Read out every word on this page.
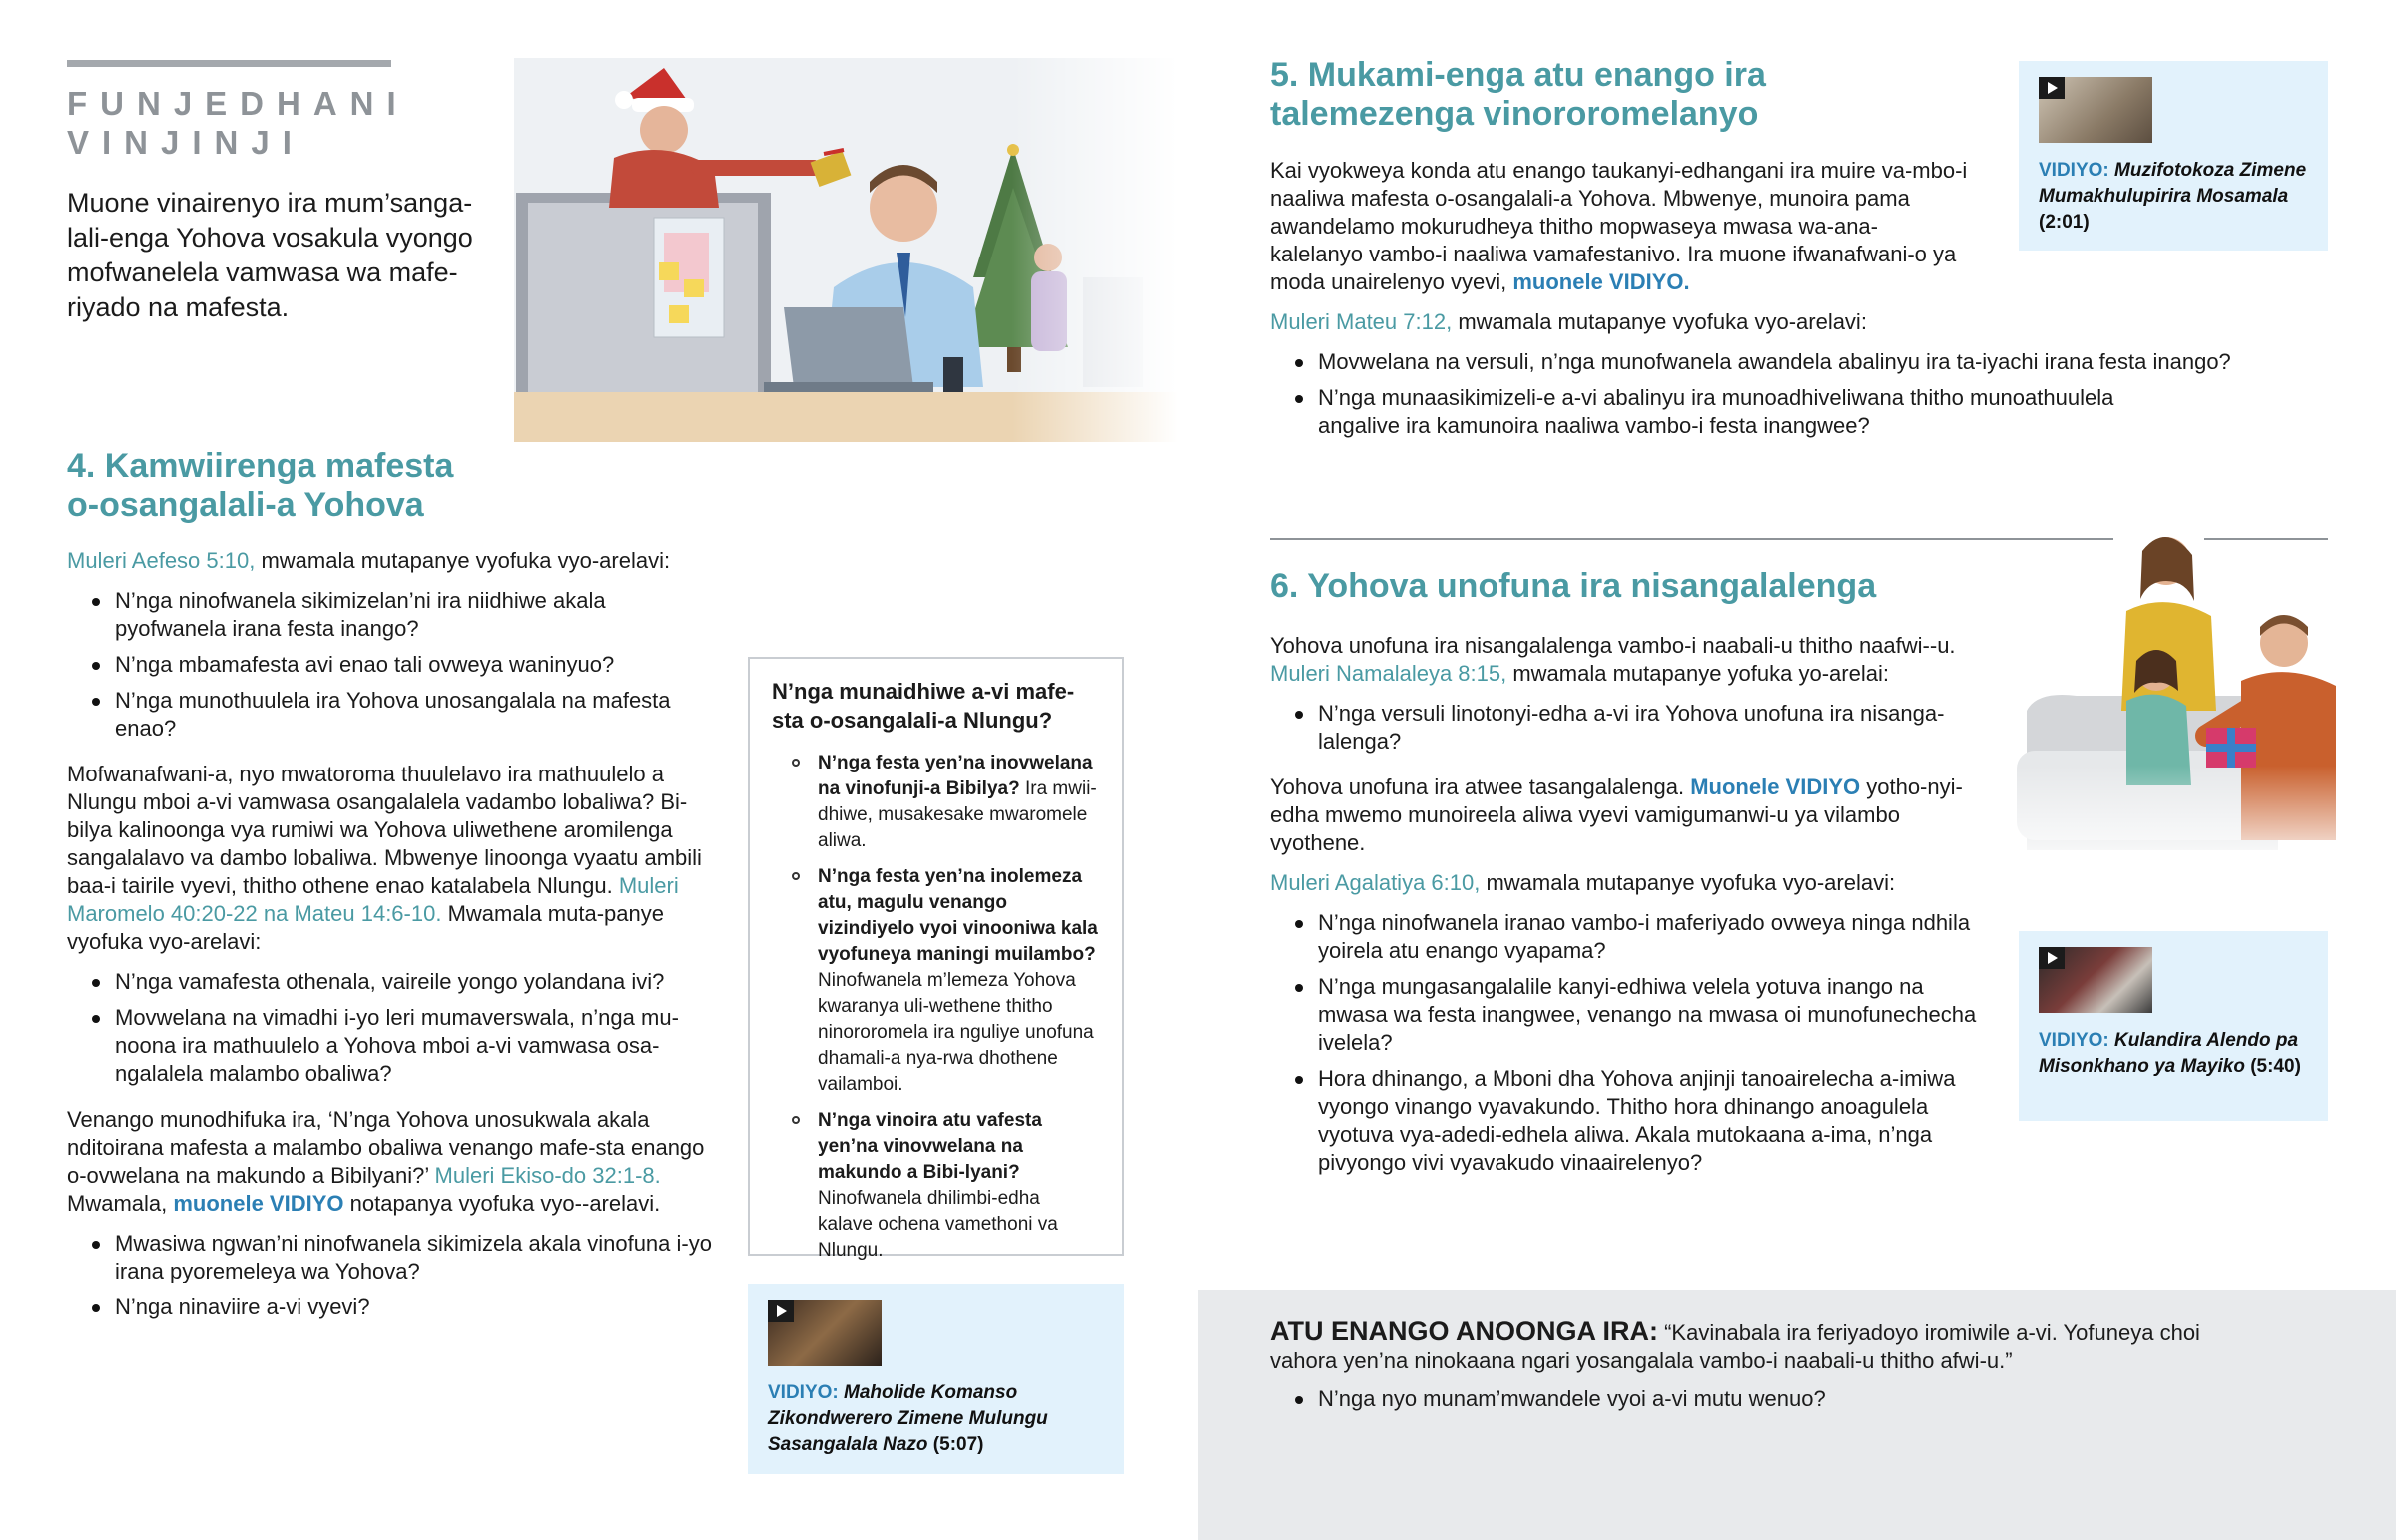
FUNJEDHANI
VINJINJI

Muone vinairenyo ira mum’sanga-lali-enga Yohova vosakula vyongo mofwanelela vamwasa wa mafe-riyado na mafesta.

4. Kamwiirenga mafesta
o-osangalali-a Yohova

Muleri Aefeso 5:10, mwamala mutapanye vyofuka vyo-arelavi:

N’nga ninofwanela sikimizelan’ni ira niidhiwe akala pyofwanela irana festa inango?
N’nga mbamafesta avi enao tali ovweya waninyuo?
N’nga munothuulela ira Yohova unosangalala na mafesta enao?

Mofwanafwani-a, nyo mwatoroma thuulelavo ira mathuulelo a Nlungu mboi a-vi vamwasa osangalalela vadambo lobaliwa? Bi-bilya kalinoonga vya rumiwi wa Yohova uliwethene aromilenga sangalalavo va dambo lobaliwa. Mbwenye linoonga vyaatu ambili baa-i tairile vyevi, thitho othene enao katalabela Nlungu. Muleri Maromelo 40:20-22 na Mateu 14:6-10. Mwamala muta-panye vyofuka vyo-arelavi:

N’nga vamafesta othenala, vaireile yongo yolandana ivi?
Movwelana na vimadhi i-yo leri mumaverswala, n’nga mu-noona ira mathuulelo a Yohova mboi a-vi vamwasa osa-ngalalela malambo obaliwa?

Venango munodhifuka ira, ‘N’nga Yohova unosukwala akala nditoirana mafesta a malambo obaliwa venango mafe-sta enango o-ovwelana na makundo a Bibilyani?’ Muleri Ekiso-do 32:1-8. Mwamala, muonele VIDIYO notapanya vyofuka vyo--arelavi.

Mwasiwa ngwan’ni ninofwanela sikimizela akala vinofuna i-yo irana pyoremeleya wa Yohova?
N’nga ninaviire a-vi vyevi?
N’nga munaidhiwe a-vi mafe-sta o-osangalali-a Nlungu?
N’nga festa yen’na inovwelana na vinofunji-a Bibilya? Ira mwii-dhiwe, musakesake mwaromele aliwa.
N’nga festa yen’na inolemeza atu, magulu venango vizindiyelo vyoi vinooniwa kala vyofuneya maningi muilambo? Ninofwanela m’lemeza Yohova kwaranya uli-wethene thitho ninororomela ira nguliye unofuna dhamali-a nya-rwa dhothene vailamboi.
N’nga vinoira atu vafesta yen’na vinovwelana na makundo a Bibi-lyani? Ninofwanela dhilimbi-edha kalave ochena vamethoni va Nlungu.
VIDIYO: Maholide Komanso Zikondwerero Zimene Mulungu Sasangalala Nazo (5:07)
5. Mukami-enga atu enango ira
talemezenga vinororomelanyo
VIDIYO: Muzifotokoza Zimene Mumakhulupirira Mosamala (2:01)

Kai vyokweya konda atu enango taukanyi-edhangani ira muire va-mbo-i naaliwa mafesta o-osangalali-a Yohova. Mbwenye, munoira pama awandelamo mokurudheya thitho mopwaseya mwasa wa-ana-kalelanyo vambo-i naaliwa vamafestanivo. Ira muone ifwanafwani-o ya moda unairelenyo vyevi, muonele VIDIYO.

Muleri Mateu 7:12, mwamala mutapanye vyofuka vyo-arelavi:

Movwelana na versuli, n’nga munofwanela awandela abalinyu ira ta-iyachi irana festa inango?
N’nga munaasikimizeli-e a-vi abalinyu ira munoadhiveliwana thitho munoathuulela angalive ira kamunoira naaliwa vambo-i festa inangwee?
6. Yohova unofuna ira nisangalalenga

Yohova unofuna ira nisangalalenga vambo-i naabali-u thitho naafwi--u. Muleri Namalaleya 8:15, mwamala mutapanye yofuka yo-arelai:

N’nga versuli linotonyi-edha a-vi ira Yohova unofuna ira nisanga-lalenga?

Yohova unofuna ira atwee tasangalalenga. Muonele VIDIYO yotho-nyi-edha mwemo munoireela aliwa vyevi vamigumanwi-u ya vilambo vyothene.

Muleri Agalatiya 6:10, mwamala mutapanye vyofuka vyo-arelavi:

N’nga ninofwanela iranao vambo-i maferiyado ovweya ninga ndhila yoirela atu enango vyapama?
N’nga mungasangalalile kanyi-edhiwa velela yotuva inango na mwasa wa festa inangwee, venango na mwasa oi munofunechecha ivelela?
Hora dhinango, a Mboni dha Yohova anjinji tanoairelecha a-imiwa vyongo vinango vyavakundo. Thitho hora dhinango anoagulela vyotuva vya-adedi-edhela aliwa. Akala mutokaana a-ima, n’nga pivyongo vivi vyavakudo vinaairelenyo?
VIDIYO: Kulandira Alendo pa Misonkhano ya Mayiko (5:40)

ATU ENANGO ANOONGA IRA: “Kavinabala ira feriyadoyo iromiwile a-vi. Yofuneya choi vahora yen’na ninokaana ngari yosangalala vambo-i naabali-u thitho afwi-u.”

N’nga nyo munam’mwandele vyoi a-vi mutu wenuo?
